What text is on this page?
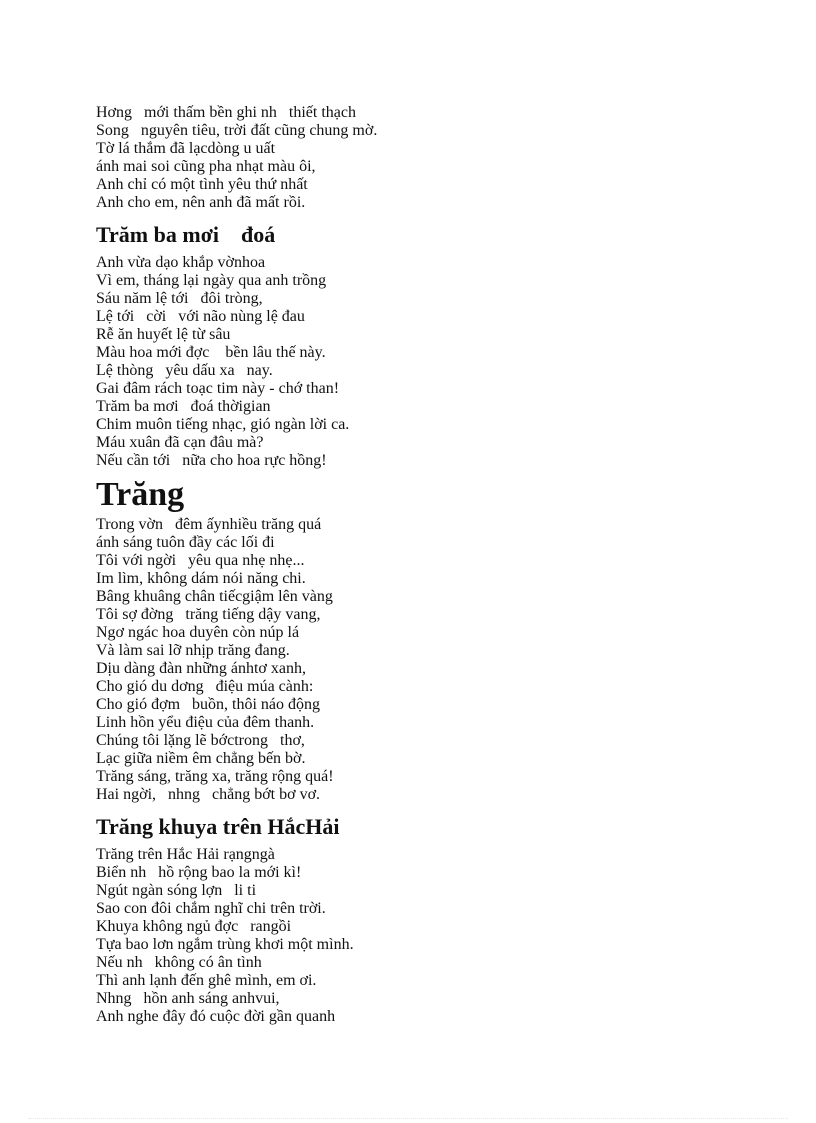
Hơng   mới thấm bền ghi nh   thiết thạch
Song   nguyên tiêu, trời đất cũng chung mờ.
Tờ lá thắm đã lạcdòng u uất
ánh mai soi cũng pha nhạt màu ôi,
Anh chỉ có một tình yêu thứ nhất
Anh cho em, nên anh đã mất rồi.
Trăm ba mơi    đoá
Anh vừa dạo khắp vờnhoa
Vì em, tháng lại ngày qua anh trồng
Sáu năm lệ tới   đôi tròng,
Lệ tới   cời   với não nùng lệ đau
Rễ ăn huyết lệ từ sâu
Màu hoa mới đợc    bền lâu thế này.
Lệ thòng   yêu dấu xa   nay.
Gai đâm rách toạc tim này - chớ than!
Trăm ba mơi   đoá thờigian
Chim muôn tiếng nhạc, gió ngàn lời ca.
Máu xuân đã cạn đâu mà?
Nếu cần tới   nữa cho hoa rực hồng!
Trăng
Trong vờn   đêm ấynhiều trăng quá
ánh sáng tuôn đầy các lối đi
Tôi với ngời   yêu qua nhẹ nhẹ...
Im lìm, không dám nói năng chi.
Bâng khuâng chân tiếcgiậm lên vàng
Tôi sợ đờng   trăng tiếng dậy vang,
Ngơ ngác hoa duyên còn núp lá
Và làm sai lỡ nhịp trăng đang.
Dịu dàng đàn những ánhtơ xanh,
Cho gió du dơng   điệu múa cành:
Cho gió đợm   buồn, thôi náo động
Linh hồn yểu điệu của đêm thanh.
Chúng tôi lặng lẽ bớctrong   thơ,
Lạc giữa niềm êm chẳng bến bờ.
Trăng sáng, trăng xa, trăng rộng quá!
Hai ngời,   nhng   chẳng bớt bơ vơ.
Trăng khuya trên HắcHải
Trăng trên Hắc Hải rạngngà
Biển nh   hồ rộng bao la mới kì!
Ngút ngàn sóng lợn   li ti
Sao con đôi chắm nghĩ chi trên trời.
Khuya không ngủ đợc   rangồi
Tựa bao lơn ngắm trùng khơi một mình.
Nếu nh   không có ân tình
Thì anh lạnh đến ghê mình, em ơi.
Nhng   hồn anh sáng anhvui,
Anh nghe đây đó cuộc đời gần quanh
